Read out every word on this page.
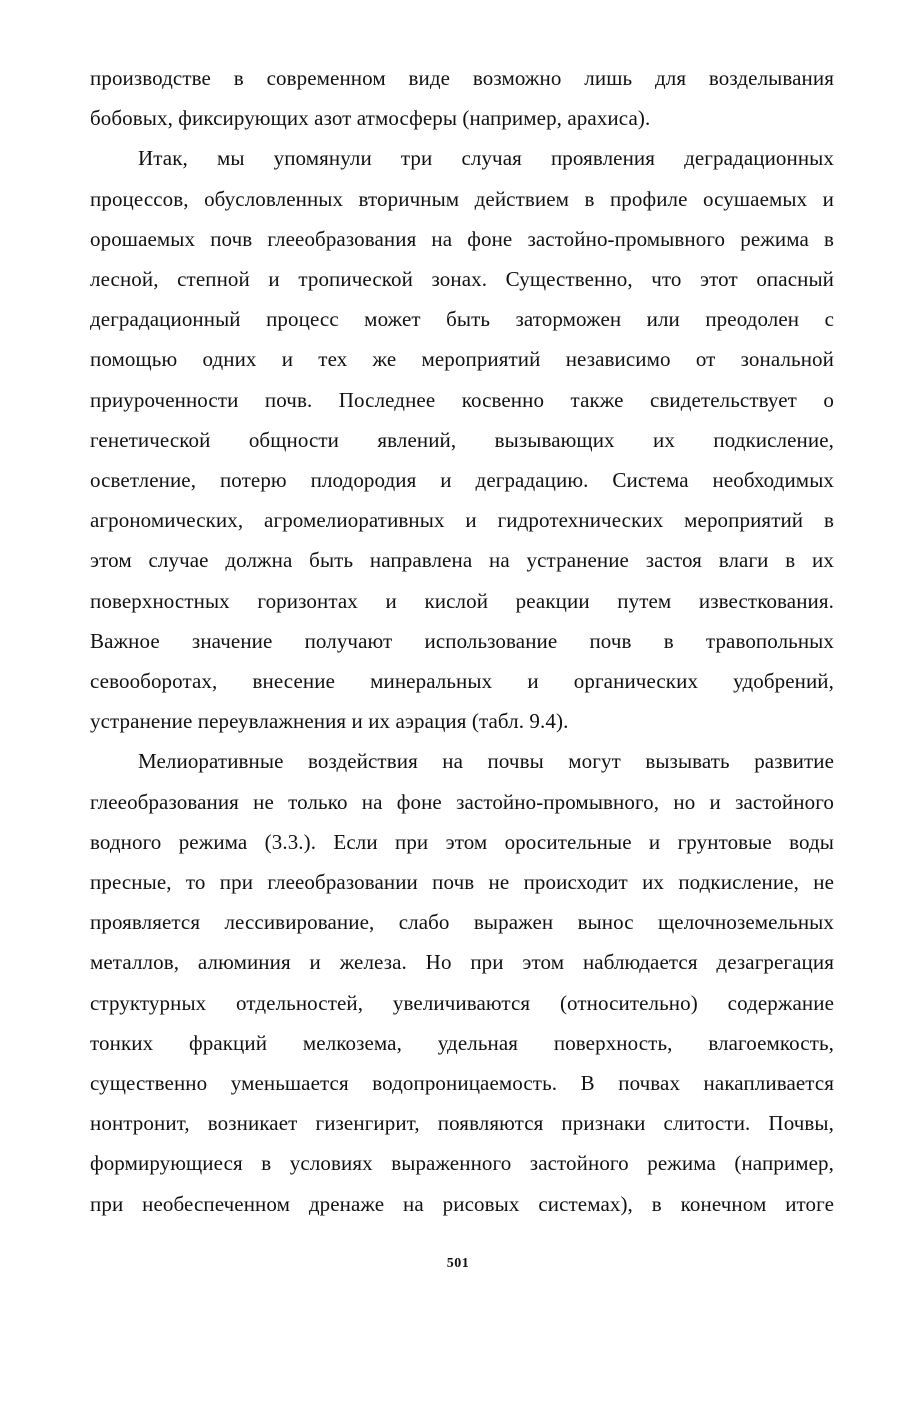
производстве в современном виде возможно лишь для возделывания
бобовых, фиксирующих азот атмосферы (например, арахиса).

Итак, мы упомянули три случая проявления деградационных
процессов, обусловленных вторичным действием в профиле осушаемых и
орошаемых почв глееобразования на фоне застойно-промывного режима в
лесной, степной и тропической зонах. Существенно, что этот опасный
деградационный процесс может быть заторможен или преодолен с
помощью одних и тех же мероприятий независимо от зональной
приуроченности почв. Последнее косвенно также свидетельствует о
генетической общности явлений, вызывающих их подкисление,
осветление, потерю плодородия и деградацию. Система необходимых
агрономических, агромелиоративных и гидротехнических мероприятий в
этом случае должна быть направлена на устранение застоя влаги в их
поверхностных горизонтах и кислой реакции путем известкования.
Важное значение получают использование почв в травопольных
севооборотах, внесение минеральных и органических удобрений,
устранение переувлажнения и их аэрация (табл. 9.4).

Мелиоративные воздействия на почвы могут вызывать развитие
глееобразования не только на фоне застойно-промывного, но и застойного
водного режима (3.3.). Если при этом оросительные и грунтовые воды
пресные, то при глееобразовании почв не происходит их подкисление, не
проявляется лессивирование, слабо выражен вынос щелочноземельных
металлов, алюминия и железа. Но при этом наблюдается дезагрегация
структурных отдельностей, увеличиваются (относительно) содержание
тонких фракций мелкозема, удельная поверхность, влагоемкость,
существенно уменьшается водопроницаемость. В почвах накапливается
нонтронит, возникает гизенгирит, появляются признаки слитости. Почвы,
формирующиеся в условиях выраженного застойного режима (например,
при необеспеченном дренаже на рисовых системах), в конечном итоге

501
